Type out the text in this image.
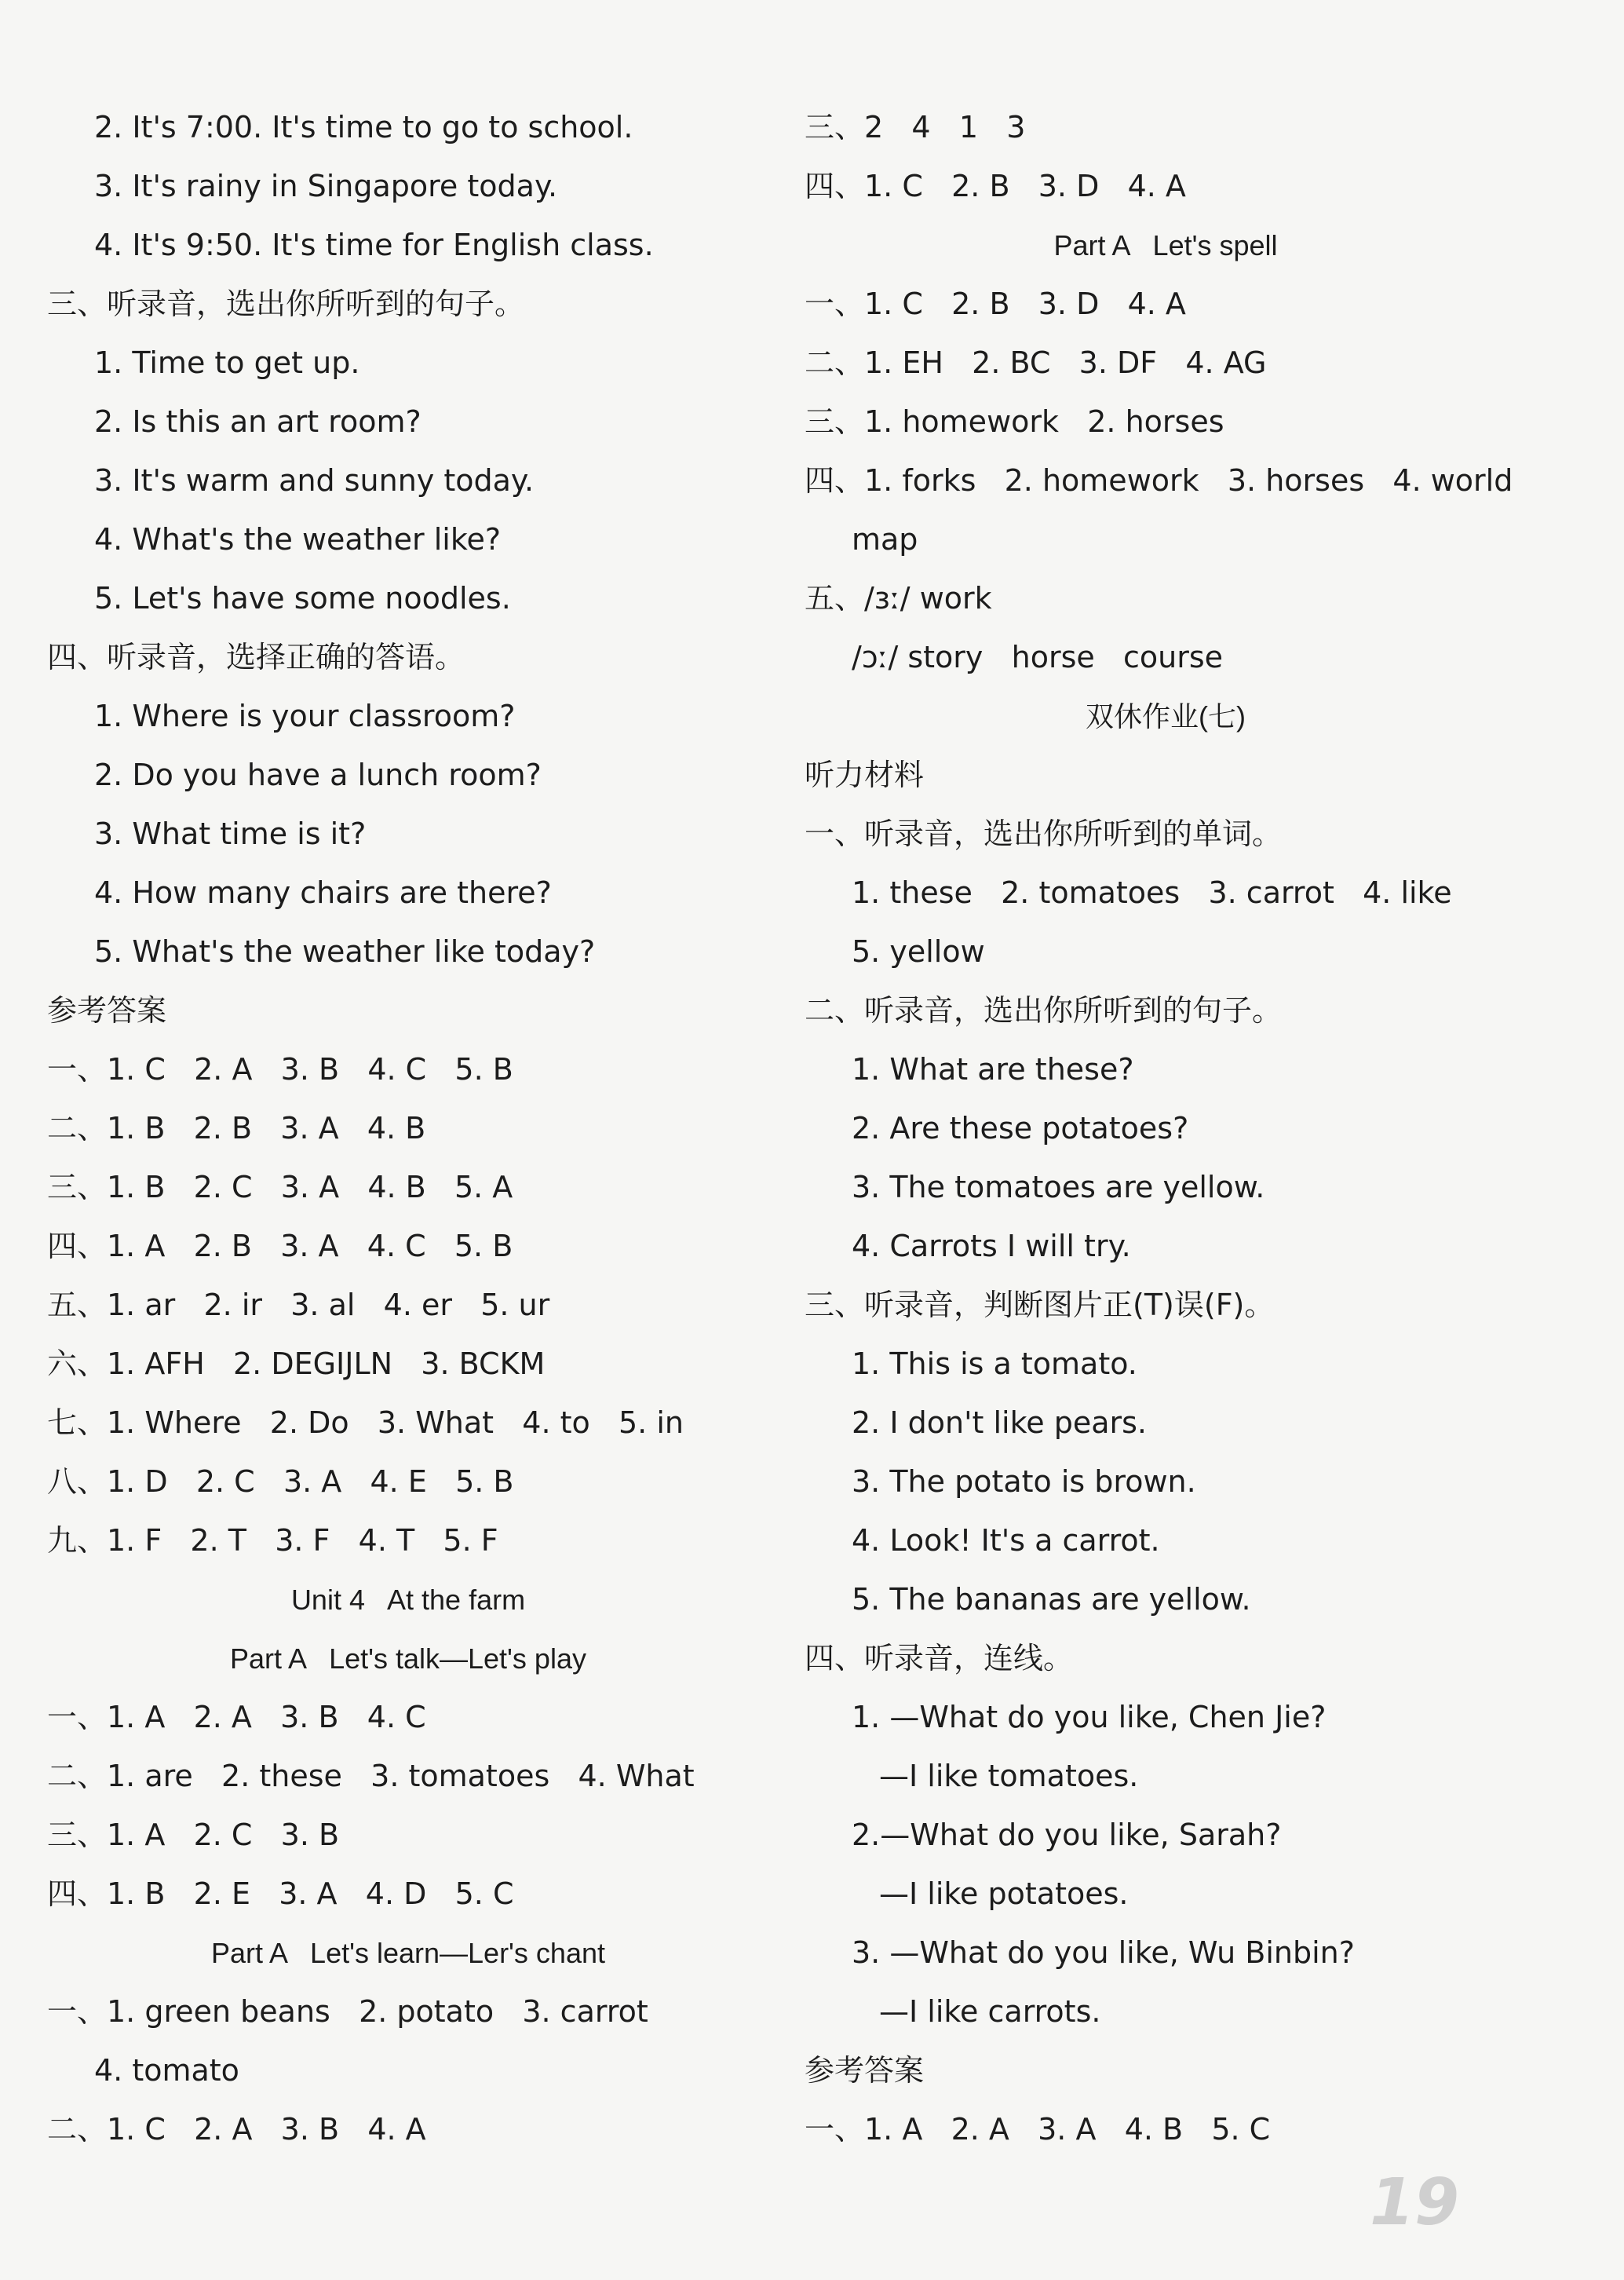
2. It's 7:00. It's time to go to school.
3. It's rainy in Singapore today.
4. It's 9:50. It's time for English class.
三、听录音，选出你所听到的句子。
1. Time to get up.
2. Is this an art room?
3. It's warm and sunny today.
4. What's the weather like?
5. Let's have some noodles.
四、听录音，选择正确的答语。
1. Where is your classroom?
2. Do you have a lunch room?
3. What time is it?
4. How many chairs are there?
5. What's the weather like today?
参考答案
一、1. C   2. A   3. B   4. C   5. B
二、1. B   2. B   3. A   4. B
三、1. B   2. C   3. A   4. B   5. A
四、1. A   2. B   3. A   4. C   5. B
五、1. ar   2. ir   3. al   4. er   5. ur
六、1. AFH   2. DEGIJLN   3. BCKM
七、1. Where   2. Do   3. What   4. to   5. in
八、1. D   2. C   3. A   4. E   5. B
九、1. F   2. T   3. F   4. T   5. F
Unit 4   At the farm
Part A   Let's talk—Let's play
一、1. A   2. A   3. B   4. C
二、1. are   2. these   3. tomatoes   4. What
三、1. A   2. C   3. B
四、1. B   2. E   3. A   4. D   5. C
Part A   Let's learn—Ler's chant
一、1. green beans   2. potato   3. carrot
4. tomato
二、1. C   2. A   3. B   4. A
三、2   4   1   3
四、1. C   2. B   3. D   4. A
Part A   Let's spell
一、1. C   2. B   3. D   4. A
二、1. EH   2. BC   3. DF   4. AG
三、1. homework   2. horses
四、1. forks   2. homework   3. horses   4. world
map
五、/ɜː/ work
/ɔː/ story   horse   course
双休作业(七)
听力材料
一、听录音，选出你所听到的单词。
1. these   2. tomatoes   3. carrot   4. like
5. yellow
二、听录音，选出你所听到的句子。
1. What are these?
2. Are these potatoes?
3. The tomatoes are yellow.
4. Carrots I will try.
三、听录音，判断图片正(T)误(F)。
1. This is a tomato.
2. I don't like pears.
3. The potato is brown.
4. Look! It's a carrot.
5. The bananas are yellow.
四、听录音，连线。
1. —What do you like, Chen Jie?
—I like tomatoes.
2.—What do you like, Sarah?
—I like potatoes.
3. —What do you like, Wu Binbin?
—I like carrots.
参考答案
一、1. A   2. A   3. A   4. B   5. C
19
